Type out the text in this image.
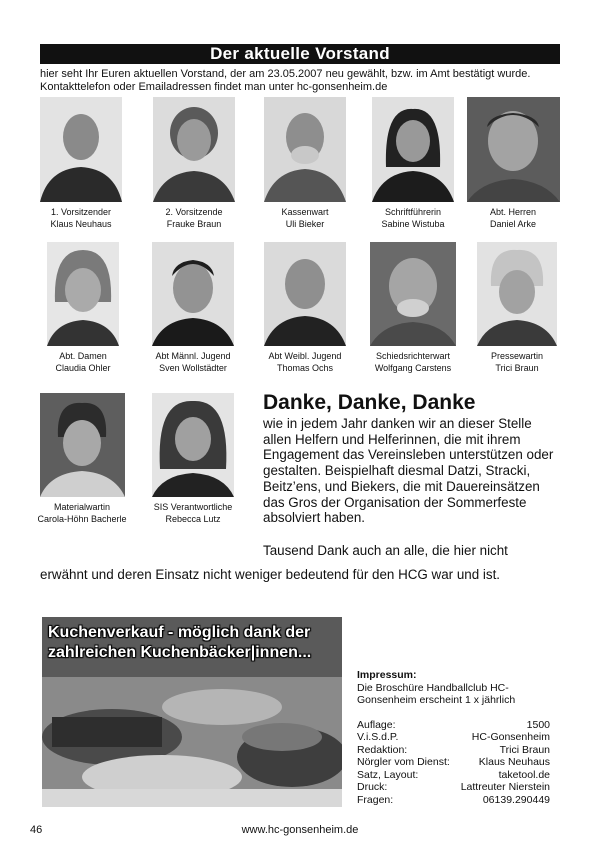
Der aktuelle Vorstand
hier seht Ihr Euren aktuellen Vorstand, der am 23.05.2007 neu gewählt, bzw. im Amt bestätigt wurde. Kontakttelefon oder Emailadressen findet man unter hc-gonsenheim.de
1. Vorsitzender
Klaus Neuhaus
2. Vorsitzende
Frauke Braun
Kassenwart
Uli Bieker
Schriftführerin
Sabine Wistuba
Abt. Herren
Daniel Arke
Abt. Damen
Claudia Ohler
Abt Männl. Jugend
Sven Wollstädter
Abt Weibl. Jugend
Thomas Ochs
Schiedsrichterwart
Wolfgang Carstens
Pressewartin
Trici Braun
Materialwartin
Carola-Höhn Bacherle
SIS Verantwortliche
Rebecca Lutz
Danke, Danke, Danke
wie in jedem Jahr danken wir an dieser Stelle allen Helfern und Helferinnen, die mit ihrem Engagement das Vereinsleben unterstützen oder gestalten. Beispielhaft diesmal Datzi, Stracki, Beitz’ens, und Biekers, die mit Dauereinsätzen das Gros der Organisation der Sommerfeste absolviert haben.
Tausend Dank auch an alle, die hier nicht
erwähnt und deren Einsatz nicht weniger bedeutend für den HCG war und ist.
Kuchenverkauf - möglich dank der zahlreichen Kuchenbäcker|innen...
Impressum:
Die Broschüre Handballclub HC-Gonsenheim erscheint 1 x jährlich
Auflage:	1500
V.i.S.d.P.	HC-Gonsenheim
Redaktion:	Trici Braun
Nörgler vom Dienst:	Klaus Neuhaus
Satz, Layout:	taketool.de
Druck:	Lattreuter Nierstein
Fragen:	06139.290449
www.hc-gonsenheim.de
46
